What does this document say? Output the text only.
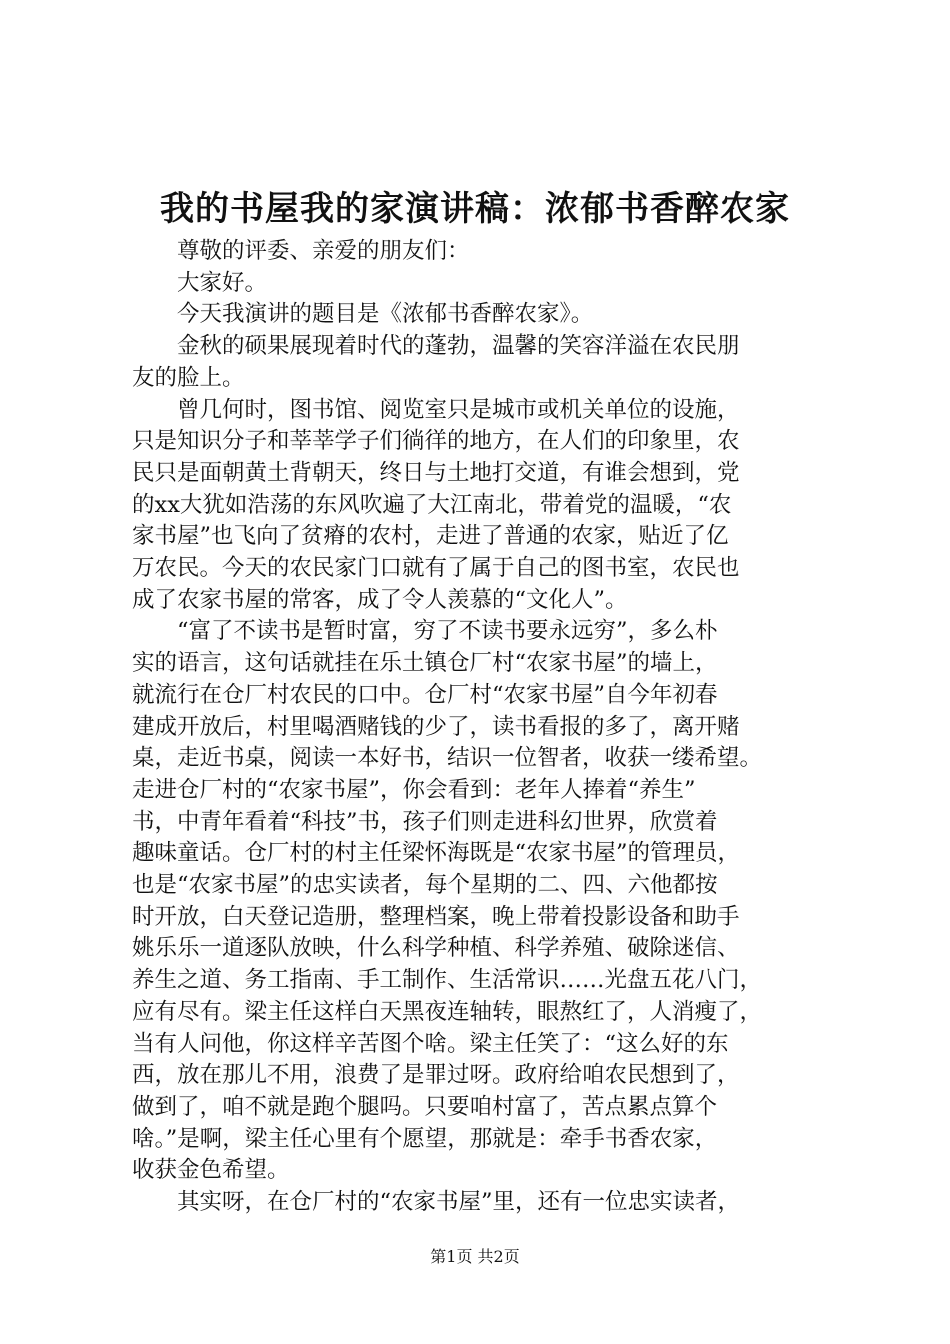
我的书屋我的家演讲稿：浓郁书香醉农家

尊敬的评委、亲爱的朋友们：

大家好。

今天我演讲的题目是《浓郁书香醉农家》。

金秋的硕果展现着时代的蓬勃，温馨的笑容洋溢在农民朋
友的脸上。

曾几何时，图书馆、阅览室只是城市或机关单位的设施，
只是知识分子和莘莘学子们徜徉的地方，在人们的印象里，农
民只是面朝黄土背朝天，终日与土地打交道，有谁会想到，党
的xx大犹如浩荡的东风吹遍了大江南北，带着党的温暖，“农
家书屋”也飞向了贫瘠的农村，走进了普通的农家，贴近了亿
万农民。今天的农民家门口就有了属于自己的图书室，农民也
成了农家书屋的常客，成了令人羡慕的“文化人”。

“富了不读书是暂时富，穷了不读书要永远穷”，多么朴
实的语言，这句话就挂在乐土镇仓厂村“农家书屋”的墙上，
就流行在仓厂村农民的口中。仓厂村“农家书屋”自今年初春
建成开放后，村里喝酒赌钱的少了，读书看报的多了，离开赌
桌，走近书桌，阅读一本好书，结识一位智者，收获一缕希望。
走进仓厂村的“农家书屋”，你会看到：老年人捧着“养生”
书，中青年看着“科技”书，孩子们则走进科幻世界，欣赏着
趣味童话。仓厂村的村主任梁怀海既是“农家书屋”的管理员，
也是“农家书屋”的忠实读者，每个星期的二、四、六他都按
时开放，白天登记造册，整理档案，晚上带着投影设备和助手
姚乐乐一道逐队放映，什么科学种植、科学养殖、破除迷信、
养生之道、务工指南、手工制作、生活常识……光盘五花八门，
应有尽有。梁主任这样白天黑夜连轴转，眼熬红了，人消瘦了，
当有人问他，你这样辛苦图个啥。梁主任笑了：“这么好的东
西，放在那儿不用，浪费了是罪过呀。政府给咱农民想到了，
做到了，咱不就是跑个腿吗。只要咱村富了，苦点累点算个
啥。”是啊，梁主任心里有个愿望，那就是：牵手书香农家，
收获金色希望。

其实呀，在仓厂村的“农家书屋”里，还有一位忠实读者，

第1页 共2页
